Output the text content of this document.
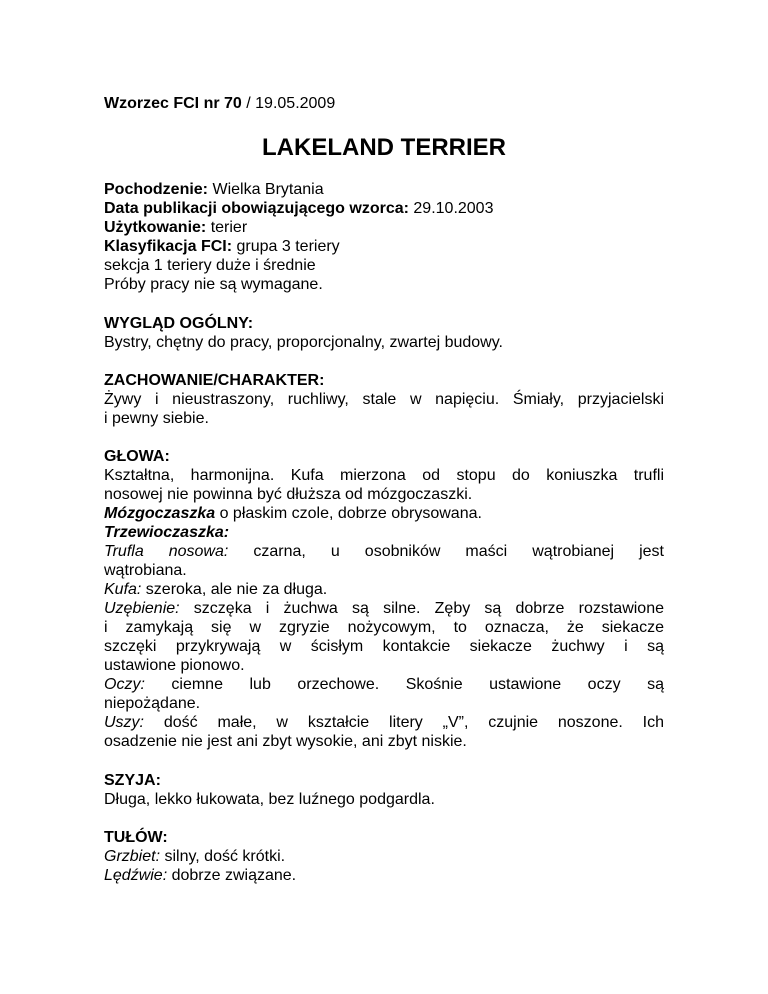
Wzorzec FCI nr 70 / 19.05.2009
LAKELAND TERRIER
Pochodzenie: Wielka Brytania
Data publikacji obowiązującego wzorca: 29.10.2003
Użytkowanie: terier
Klasyfikacja FCI: grupa 3 teriery
sekcja 1 teriery duże i średnie
Próby pracy nie są wymagane.
WYGLĄD OGÓLNY:
Bystry, chętny do pracy, proporcjonalny, zwartej budowy.
ZACHOWANIE/CHARAKTER:
Żywy i nieustraszony, ruchliwy, stale w napięciu. Śmiały, przyjacielski
i pewny siebie.
GŁOWA:
Kształtna, harmonijna. Kufa mierzona od stopu do koniuszka trufli
nosowej nie powinna być dłuższa od mózgoczaszki.
Mózgoczaszka o płaskim czole, dobrze obrysowana.
Trzewioczaszka:
Trufla nosowa: czarna, u osobników maści wątrobianej jest
wątrobiana.
Kufa: szeroka, ale nie za długa.
Uzębienie: szczęka i żuchwa są silne. Zęby są dobrze rozstawione
i zamykają się w zgryzie nożycowym, to oznacza, że siekacze
szczęki przykrywają w ścisłym kontakcie siekacze żuchwy i są
ustawione pionowo.
Oczy: ciemne lub orzechowe. Skośnie ustawione oczy są
niepożądane.
Uszy: dość małe, w kształcie litery „V”, czujnie noszone. Ich
osadzenie nie jest ani zbyt wysokie, ani zbyt niskie.
SZYJA:
Długa, lekko łukowata, bez luźnego podgardla.
TUŁÓW:
Grzbiet: silny, dość krótki.
Lędźwie: dobrze związane.
